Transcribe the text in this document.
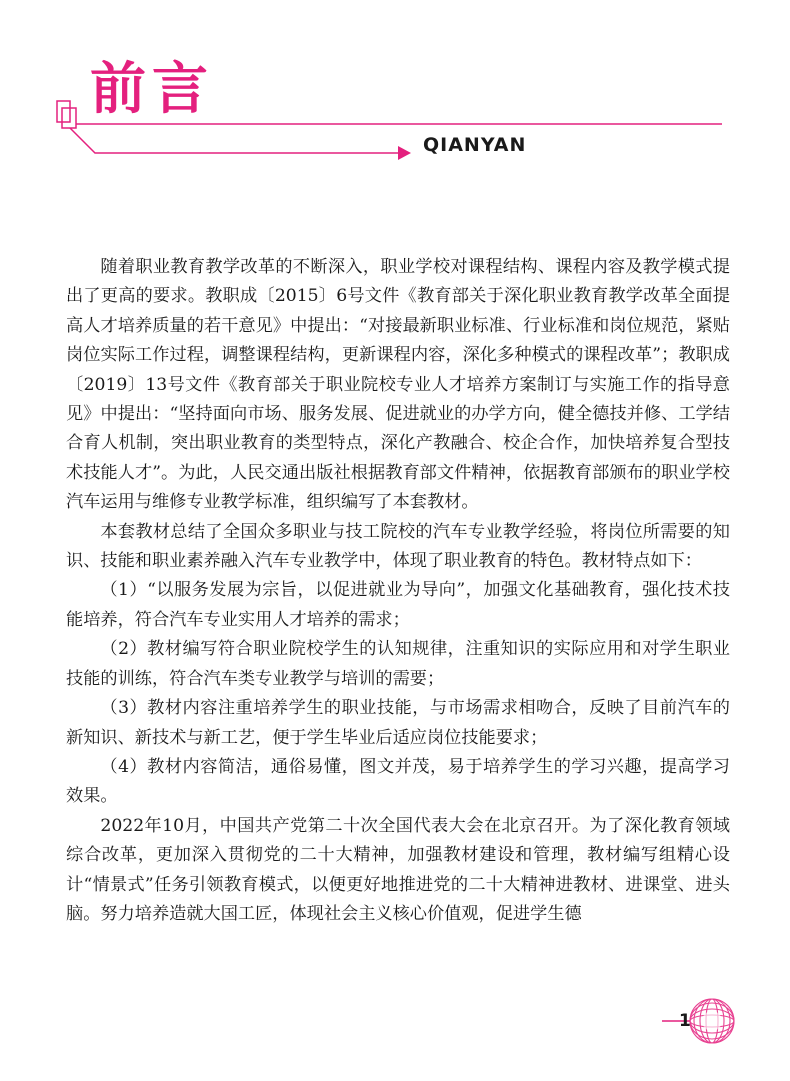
前言
QIANYAN

随着职业教育教学改革的不断深入，职业学校对课程结构、课程内容及教学模式提出了更高的要求。教职成〔2015〕6号文件《教育部关于深化职业教育教学改革全面提高人才培养质量的若干意见》中提出：“对接最新职业标准、行业标准和岗位规范，紧贴岗位实际工作过程，调整课程结构，更新课程内容，深化多种模式的课程改革”；教职成〔2019〕13号文件《教育部关于职业院校专业人才培养方案制订与实施工作的指导意见》中提出：“坚持面向市场、服务发展、促进就业的办学方向，健全德技并修、工学结合育人机制，突出职业教育的类型特点，深化产教融合、校企合作，加快培养复合型技术技能人才”。为此，人民交通出版社根据教育部文件精神，依据教育部颁布的职业学校汽车运用与维修专业教学标准，组织编写了本套教材。

本套教材总结了全国众多职业与技工院校的汽车专业教学经验，将岗位所需要的知识、技能和职业素养融入汽车专业教学中，体现了职业教育的特色。教材特点如下：

（1）“以服务发展为宗旨，以促进就业为导向”，加强文化基础教育，强化技术技能培养，符合汽车专业实用人才培养的需求；

（2）教材编写符合职业院校学生的认知规律，注重知识的实际应用和对学生职业技能的训练，符合汽车类专业教学与培训的需要；

（3）教材内容注重培养学生的职业技能，与市场需求相吻合，反映了目前汽车的新知识、新技术与新工艺，便于学生毕业后适应岗位技能要求；

（4）教材内容简洁，通俗易懂，图文并茂，易于培养学生的学习兴趣，提高学习效果。

2022年10月，中国共产党第二十次全国代表大会在北京召开。为了深化教育领域综合改革，更加深入贯彻党的二十大精神，加强教材建设和管理，教材编写组精心设计“情景式”任务引领教育模式，以便更好地推进党的二十大精神进教材、进课堂、进头脑。努力培养造就大国工匠，体现社会主义核心价值观，促进学生德

1
